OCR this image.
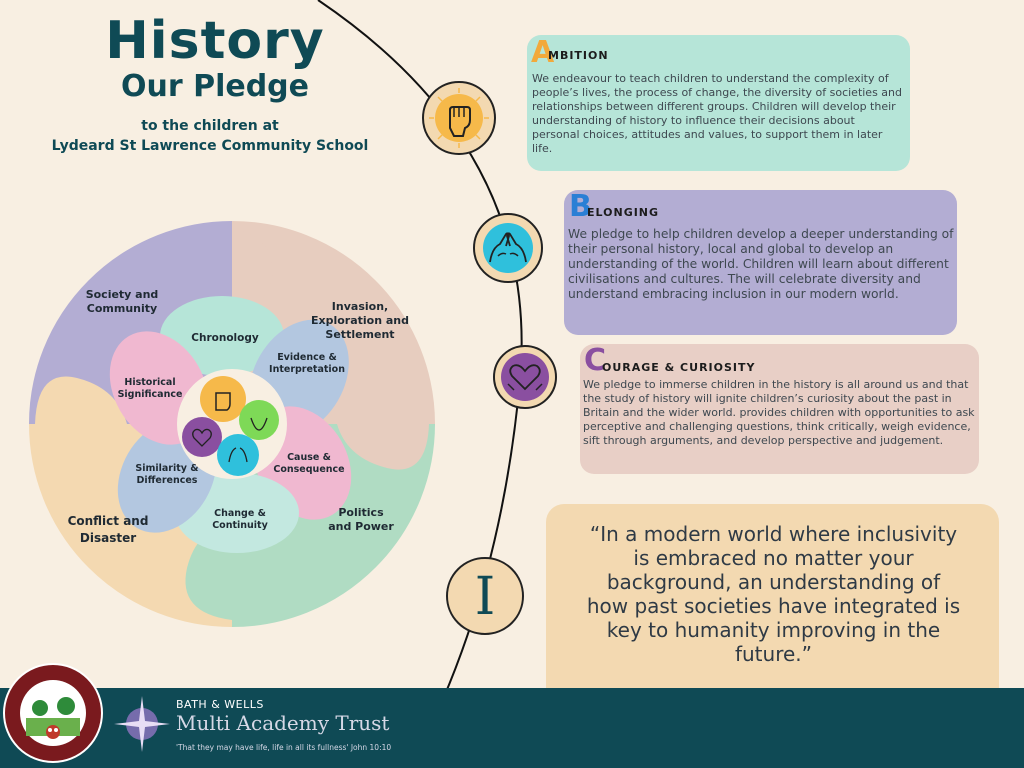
History
Our Pledge
to the children at
Lydeard St Lawrence Community School
I
A
MBITION
We endeavour to teach children to understand the complexity of people’s lives, the process of change, the diversity of societies and relationships between different groups. Children will develop their understanding of history to influence their decisions about personal choices, attitudes and values, to support them in later life.
B
ELONGING
We pledge to help children develop a deeper understanding of their personal history, local and global to develop an understanding of the world. Children will learn about different civilisations and cultures. The will celebrate diversity and understand embracing inclusion in our modern world.
C
OURAGE & CURIOSITY
We pledge to immerse children in the history is all around us and that the study of history will ignite children’s curiosity about the past in Britain and the wider world. provides children with opportunities to ask perceptive and challenging questions, think critically, weigh evidence, sift through arguments, and develop perspective and judgement.
“In a modern world where inclusivity is embraced no matter your background, an understanding of how past societies have integrated is key to humanity improving in the future.”
Society and Community	Invasion, Exploration and Settlement
Politics and Power
Conflict and Disaster
Chronology
Evidence & Interpretation
Cause & Consequence
Change & Continuity
Similarity & Differences
Historical Significance
BATH & WELLS
Multi Academy Trust
'That they may have life, life in all its fullness' John 10:10
